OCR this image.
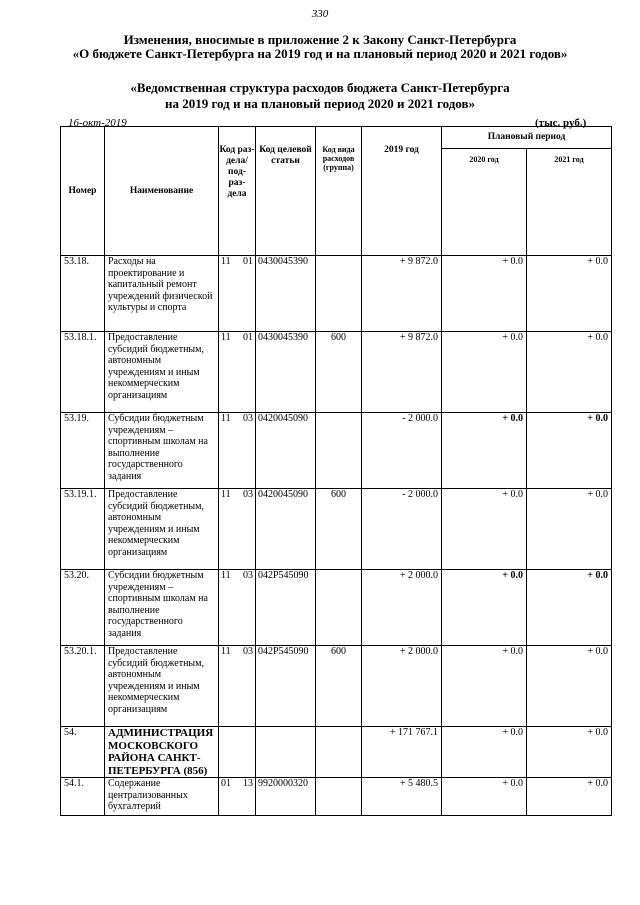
330
Изменения, вносимые в приложение 2 к Закону Санкт-Петербурга
«О бюджете Санкт-Петербурга на 2019 год и на плановый период 2020 и 2021 годов»
«Ведомственная структура расходов бюджета Санкт-Петербурга
на 2019 год и на плановый период 2020 и 2021 годов»
16-окт-2019	(тыс. руб.)
Номер	Наименование	Код раз- дела/ под- раз- дела	Код целевой статьи	Код вида расходов (группа)	2019 год	Плановый период	
						2020 год	2021 год
53.18.	Расходы на проектирование и капитальный ремонт учреждений физической культуры и спорта	11 01	0430045390		+ 9 872.0	+ 0.0	+ 0.0
53.18.1.	Предоставление субсидий бюджетным, автономным учреждениям и иным некоммерческим организациям	11 01	0430045390	600	+ 9 872.0	+ 0.0	+ 0.0
53.19.	Субсидии бюджетным учреждениям – спортивным школам на выполнение государственного задания	11 03	0420045090		- 2 000.0	+ 0.0	+ 0.0
53.19.1.	Предоставление субсидий бюджетным, автономным учреждениям и иным некоммерческим организациям	11 03	0420045090	600	- 2 000.0	+ 0.0	+ 0.0
53.20.	Субсидии бюджетным учреждениям – спортивным школам на выполнение государственного задания	11 03	042P545090		+ 2 000.0	+ 0.0	+ 0.0
53.20.1.	Предоставление субсидий бюджетным, автономным учреждениям и иным некоммерческим организациям	11 03	042P545090	600	+ 2 000.0	+ 0.0	+ 0.0
54.	АДМИНИСТРАЦИЯ МОСКОВСКОГО РАЙОНА САНКТ-ПЕТЕРБУРГА (856)				+ 171 767.1	+ 0.0	+ 0.0
54.1.	Содержание централизованных бухгалтерий	01 13	9920000320		+ 5 480.5	+ 0.0	+ 0.0
